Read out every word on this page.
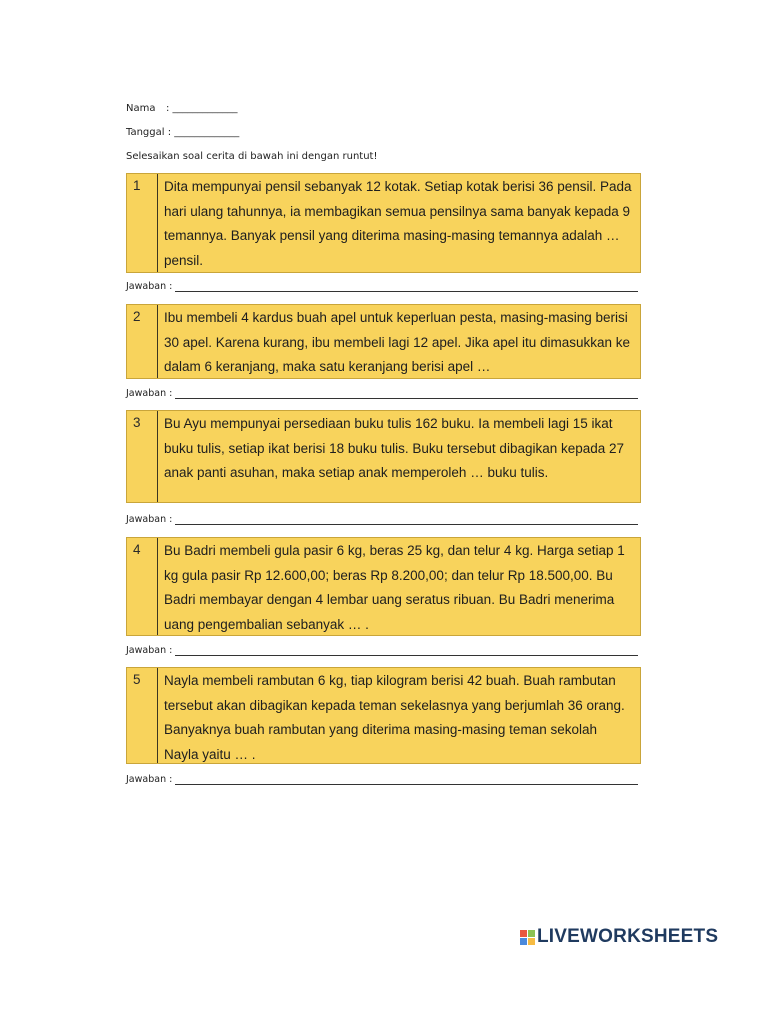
Nama : _____________
Tanggal : _____________
Selesaikan soal cerita di bawah ini dengan runtut!
1 Dita mempunyai pensil sebanyak 12 kotak. Setiap kotak berisi 36 pensil. Pada hari ulang tahunnya, ia membagikan semua pensilnya sama banyak kepada 9 temannya. Banyak pensil yang diterima masing-masing temannya adalah … pensil.
Jawaban :
2 Ibu membeli 4 kardus buah apel untuk keperluan pesta, masing-masing berisi 30 apel. Karena kurang, ibu membeli lagi 12 apel. Jika apel itu dimasukkan ke dalam 6 keranjang, maka satu keranjang berisi apel …
Jawaban :
3 Bu Ayu mempunyai persediaan buku tulis 162 buku. Ia membeli lagi 15 ikat buku tulis, setiap ikat berisi 18 buku tulis. Buku tersebut dibagikan kepada 27 anak panti asuhan, maka setiap anak memperoleh … buku tulis.
Jawaban :
4 Bu Badri membeli gula pasir 6 kg, beras 25 kg, dan telur 4 kg. Harga setiap 1 kg gula pasir Rp 12.600,00; beras Rp 8.200,00; dan telur Rp 18.500,00. Bu Badri membayar dengan 4 lembar uang seratus ribuan. Bu Badri menerima uang pengembalian sebanyak … .
Jawaban :
5 Nayla membeli rambutan 6 kg, tiap kilogram berisi 42 buah. Buah rambutan tersebut akan dibagikan kepada teman sekelasnya yang berjumlah 36 orang. Banyaknya buah rambutan yang diterima masing-masing teman sekolah Nayla yaitu … .
Jawaban :
LIVEWORKSHEETS
